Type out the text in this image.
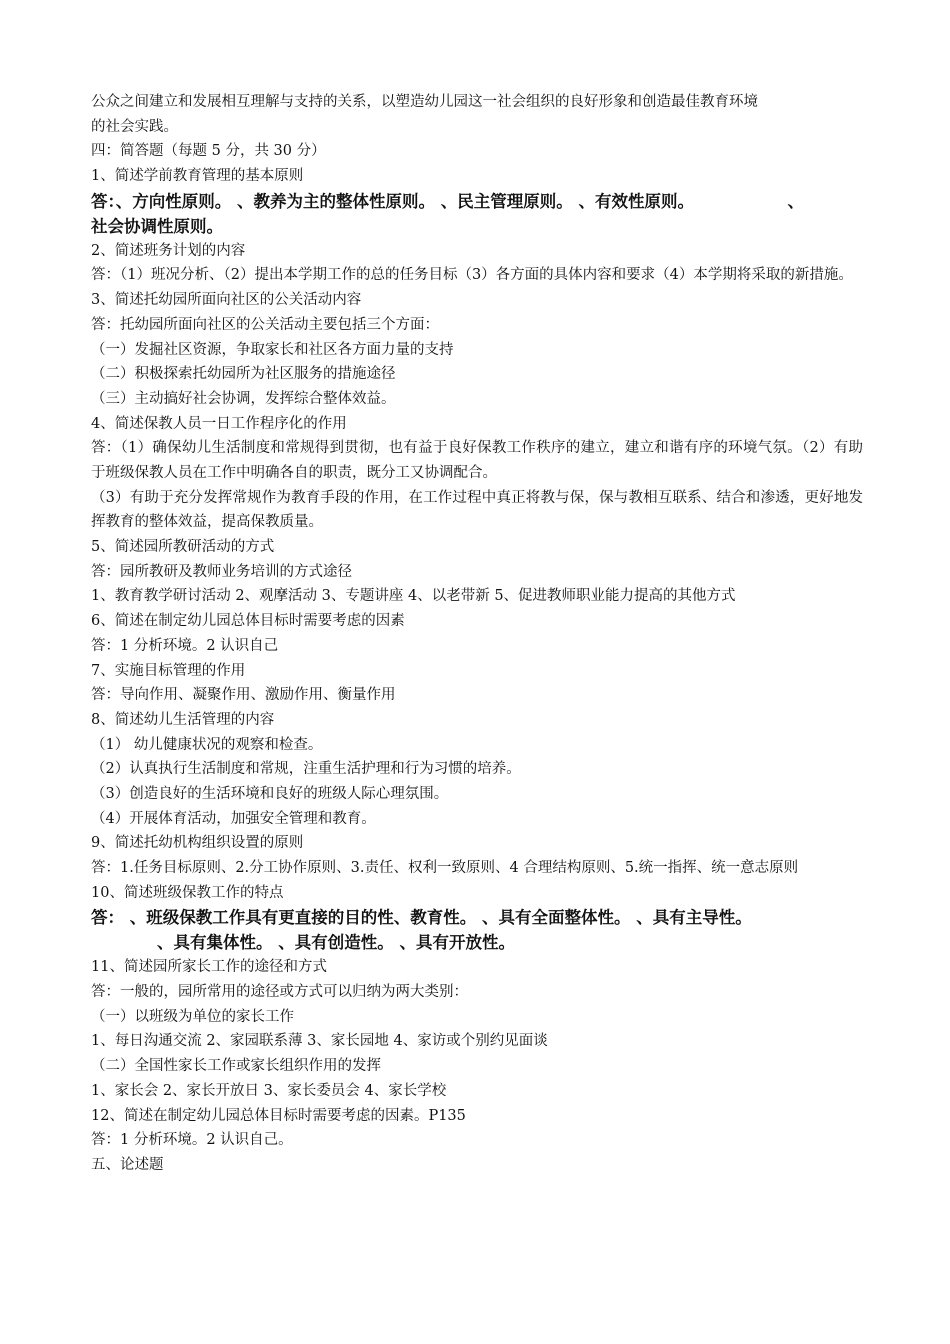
公众之间建立和发展相互理解与支持的关系，以塑造幼儿园这一社会组织的良好形象和创造最佳教育环境
的社会实践。
四：简答题（每题 5 分，共 30 分）
1、简述学前教育管理的基本原则
答：、方向性原则。 、教养为主的整体性原则。 、民主管理原则。 、有效性原则。	、
社会协调性原则。
2、简述班务计划的内容
答：（1）班况分析、（2）提出本学期工作的总的任务目标（3）各方面的具体内容和要求（4）本学期将采取的新措施。
3、简述托幼园所面向社区的公关活动内容
答：托幼园所面向社区的公关活动主要包括三个方面：
（一）发掘社区资源，争取家长和社区各方面力量的支持
（二）积极探索托幼园所为社区服务的措施途径
（三）主动搞好社会协调，发挥综合整体效益。
4、简述保教人员一日工作程序化的作用
答：（1）确保幼儿生活制度和常规得到贯彻，也有益于良好保教工作秩序的建立，建立和谐有序的环境气氛。（2）有助于班级保教人员在工作中明确各自的职责，既分工又协调配合。
（3）有助于充分发挥常规作为教育手段的作用，在工作过程中真正将教与保，保与教相互联系、结合和渗透，更好地发挥教育的整体效益，提高保教质量。
5、简述园所教研活动的方式
答：园所教研及教师业务培训的方式途径
1、教育教学研讨活动 2、观摩活动 3、专题讲座 4、以老带新 5、促进教师职业能力提高的其他方式
6、简述在制定幼儿园总体目标时需要考虑的因素
答：1 分析环境。2 认识自己
7、实施目标管理的作用
答：导向作用、凝聚作用、激励作用、衡量作用
8、简述幼儿生活管理的内容
（1） 幼儿健康状况的观察和检查。
（2）认真执行生活制度和常规，注重生活护理和行为习惯的培养。
（3）创造良好的生活环境和良好的班级人际心理氛围。
（4）开展体育活动，加强安全管理和教育。
9、简述托幼机构组织设置的原则
答：1.任务目标原则、2.分工协作原则、3.责任、权利一致原则、4 合理结构原则、5.统一指挥、统一意志原则
10、简述班级保教工作的特点
答： 、班级保教工作具有更直接的目的性、教育性。 、具有全面整体性。 、具有主导性。
、具有集体性。 、具有创造性。 、具有开放性。
11、简述园所家长工作的途径和方式
答：一般的，园所常用的途径或方式可以归纳为两大类别：
（一）以班级为单位的家长工作
1、每日沟通交流 2、家园联系薄 3、家长园地 4、家访或个别约见面谈
（二）全国性家长工作或家长组织作用的发挥
1、家长会 2、家长开放日 3、家长委员会 4、家长学校
12、简述在制定幼儿园总体目标时需要考虑的因素。P135
答：1 分析环境。2 认识自己。
五、论述题
